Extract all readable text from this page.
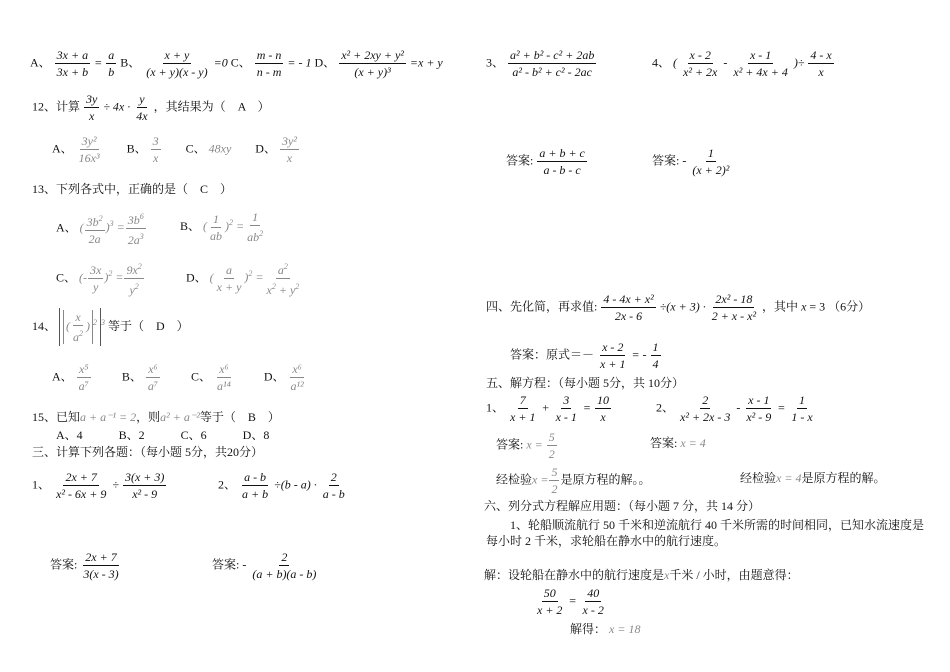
A、 $\frac{3x + a}{3x + b} = \frac{a}{b}$ B、 $\frac{x + y}{(x + y)(x - y)} =0$ C、 $\frac{m - n}{n - m}$ = - 1 D、 $\frac{\text{x² + 2xy + y²}}{\text{(x + y)³}} =x + y$
12、计算 $\frac{3y}{x} \div 4x \cdot \frac{y}{4x}$ ，其结果为（　A　）
A、 $\frac{\text{3y²}}{\text{16x³}}$ B、 $\frac{3}{x}$ C、 48xy D、 $\frac{\text{3y²}}{x}$
13、下列各式中，正确的是（　C　）
A、 ( $\frac{3b^2}{2a} )^3 = \frac{3b^6}{2a^3}$	B、 ( $\frac{1}{ab} )^2 = \frac{1}{ab^2}$
C、 (- $\frac{3x}{y} )^2 = \frac{9x^2}{y^2}$	D、 ( $\frac{a}{x + y} )^2 = \frac{a^2}{x^2 + y^2}$
14、 ( $\frac{x}{a^2}$ ) $^2$ $^3$ 等于（　D　）
A、 $\frac{\text{x⁵}}{\text{a⁷}}$	B、 $\frac{\text{x⁶}}{\text{a⁷}}$	C、 $\frac{\text{x⁶}}{\text{a¹⁴}}$	D、 $\frac{\text{x⁶}}{\text{a¹²}}$
15、已知a + a⁻¹ = 2，则a² + a⁻²等于（　B　）
A、4　　　B、2　　　C、6　　　D、8
三、计算下列各题：（每小题 5分，共20分）
1、 $\frac{2x + 7}{\text{x² - 6x + 9}} \div \frac{3(x + 3)}{\text{x² - 9}}$	2、 $\frac{a - b}{a + b} \div(b - a) \cdot \frac{2}{a - b}$
答案: $\frac{2x + 7}{3(x - 3)}$	答案: - $\frac{2}{(a + b)(a - b)}$
3、 $\frac{\text{a² + b² - c² + 2ab}}{\text{a² - b² + c² - 2ac}}$	4、 ( $\frac{x - 2}{\text{x² + 2x}} - \frac{x - 1}{\text{x² + 4x + 4}}$ )÷ $\frac{4 - x}{x}$
答案: $\frac{a + b + c}{a - b - c}$	答案: - $\frac{1}{\text{(x + 2)²}}$
四、先化简，再求值: $\frac{\text{4 - 4x + x²}}{2x - 6} \div(x + 3) \cdot \frac{\text{2x² - 18}}{\text{2 + x - x²}}$ ，其中 x = 3 （6分）
答案：原式＝－ $\frac{x - 2}{x + 1}$ = - $\frac{1}{4}$
五、解方程：（每小题 5分，共 10分）
1、 $\frac{7}{x + 1} + \frac{3}{x - 1} = \frac{10}{x}$	2、 $\frac{2}{\text{x² + 2x - 3}} - \frac{x - 1}{\text{x² - 9}} = \frac{1}{1 - x}$
答案: $x = \frac{5}{2}$	答案: x = 4
经检验$x = \frac{5}{2}$ 是原方程的解。。	经检验x = 4是原方程的解。
六、列分式方程解应用题：（每小题 7 分，共 14 分）
1、轮船顺流航行 50 千米和逆流航行 40 千米所需的时间相同，已知水流速度是
每小时 2 千米，求轮船在静水中的航行速度。
解：设轮船在静水中的航行速度是x千米 / 小时，由题意得：
$\frac{50}{x + 2} = \frac{40}{x - 2}$
解得： x = 18
